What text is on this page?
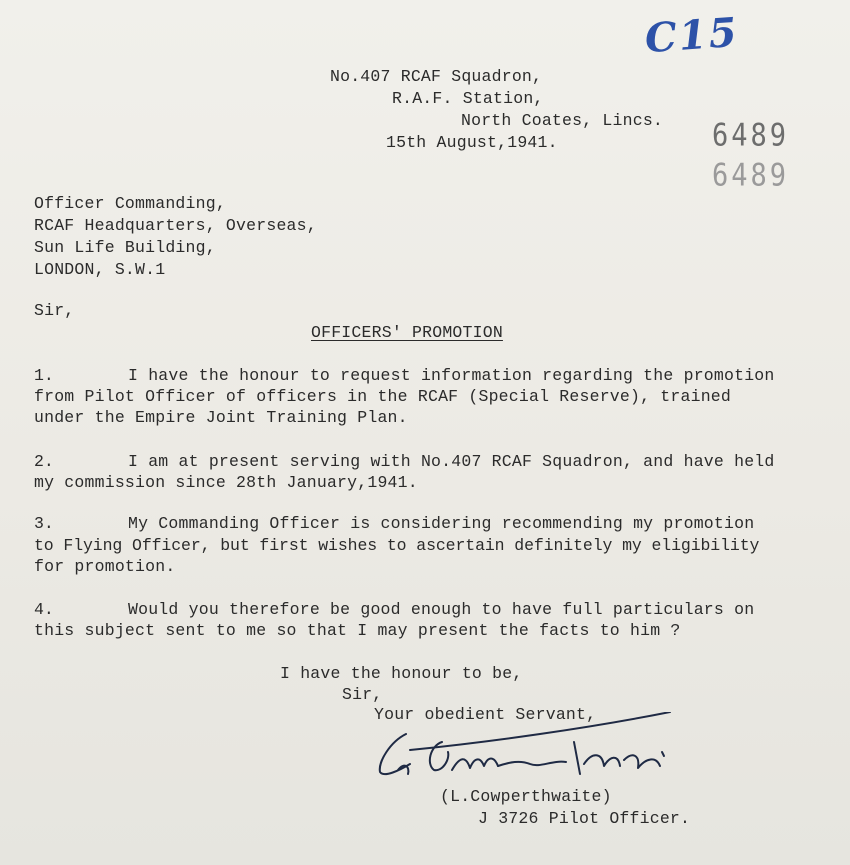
C15
6489
6489
No.407 RCAF Squadron,
R.A.F. Station,
North Coates, Lincs.
15th August,1941.
Officer Commanding,
RCAF Headquarters, Overseas,
Sun Life Building,
LONDON, S.W.1
Sir,
OFFICERS' PROMOTION
1.	I have the honour to request information regarding the promotion
from Pilot Officer of officers in the RCAF (Special Reserve), trained
under the Empire Joint Training Plan.
2.	I am at present serving with No.407 RCAF Squadron, and have held
my commission since 28th January,1941.
3.	My Commanding Officer is considering recommending my promotion
to Flying Officer, but first wishes to ascertain definitely my eligibility
for promotion.
4.	Would you therefore be good enough to have full particulars on
this subject sent to me so that I may present the facts to him ?
I have the honour to be,
Sir,
Your obedient Servant,
(L.Cowperthwaite)
J 3726 Pilot Officer.
